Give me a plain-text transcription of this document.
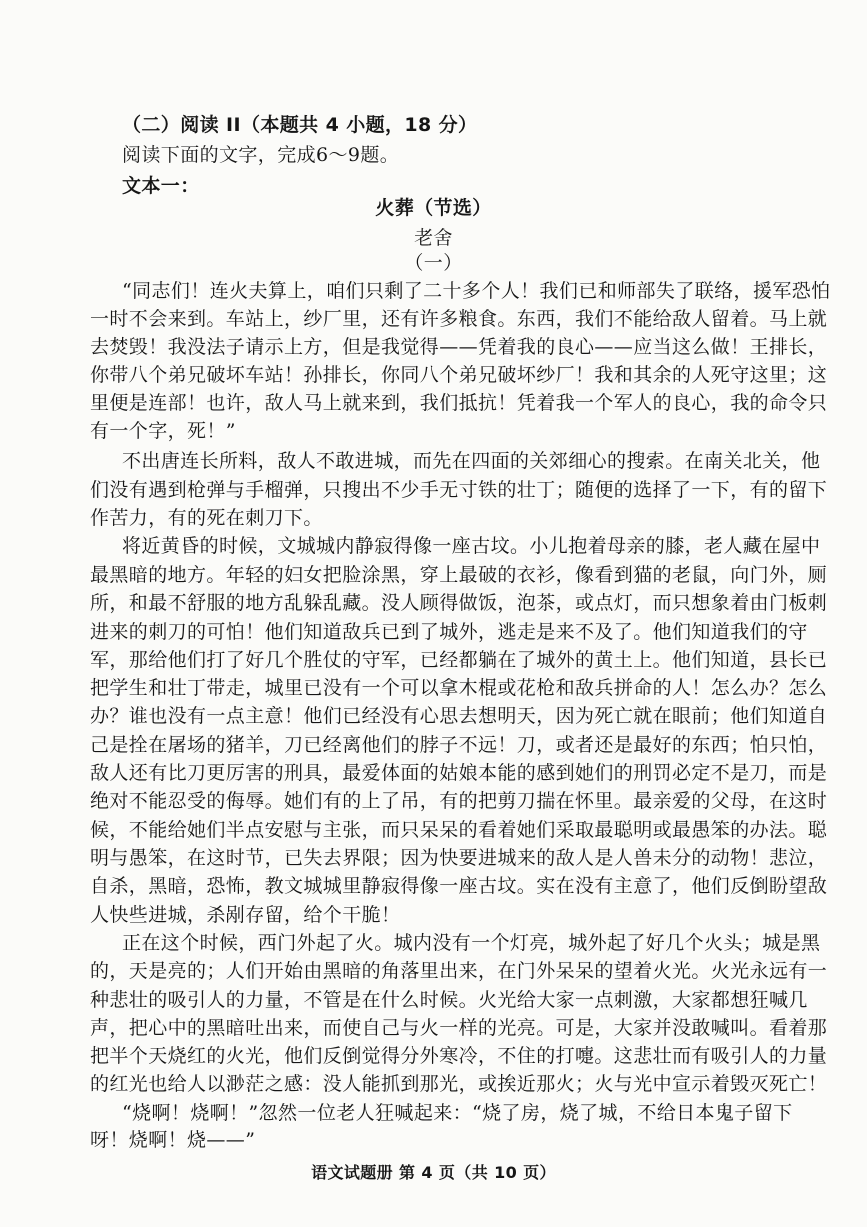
（二）阅读 II（本题共 4 小题，18 分）
阅读下面的文字，完成6～9题。
文本一：
火葬（节选）
老舍
（一）
“同志们！连火夫算上，咱们只剩了二十多个人！我们已和师部失了联络，援军恐怕
一时不会来到。车站上，纱厂里，还有许多粮食。东西，我们不能给敌人留着。马上就
去焚毁！我没法子请示上方，但是我觉得——凭着我的良心——应当这么做！王排长，
你带八个弟兄破坏车站！孙排长，你同八个弟兄破坏纱厂！我和其余的人死守这里；这
里便是连部！也许，敌人马上就来到，我们抵抗！凭着我一个军人的良心，我的命令只
有一个字，死！”
不出唐连长所料，敌人不敢进城，而先在四面的关郊细心的搜索。在南关北关，他
们没有遇到枪弹与手榴弹，只搜出不少手无寸铁的壮丁；随便的选择了一下，有的留下
作苦力，有的死在刺刀下。
将近黄昏的时候，文城城内静寂得像一座古坟。小儿抱着母亲的膝，老人藏在屋中
最黑暗的地方。年轻的妇女把脸涂黑，穿上最破的衣衫，像看到猫的老鼠，向门外，厕
所，和最不舒服的地方乱躲乱藏。没人顾得做饭，泡茶，或点灯，而只想象着由门板刺
进来的刺刀的可怕！他们知道敌兵已到了城外，逃走是来不及了。他们知道我们的守
军，那给他们打了好几个胜仗的守军，已经都躺在了城外的黄土上。他们知道，县长已
把学生和壮丁带走，城里已没有一个可以拿木棍或花枪和敌兵拼命的人！怎么办？怎么
办？谁也没有一点主意！他们已经没有心思去想明天，因为死亡就在眼前；他们知道自
己是拴在屠场的猪羊，刀已经离他们的脖子不远！刀，或者还是最好的东西；怕只怕，
敌人还有比刀更厉害的刑具，最爱体面的姑娘本能的感到她们的刑罚必定不是刀，而是
绝对不能忍受的侮辱。她们有的上了吊，有的把剪刀揣在怀里。最亲爱的父母，在这时
候，不能给她们半点安慰与主张，而只呆呆的看着她们采取最聪明或最愚笨的办法。聪
明与愚笨，在这时节，已失去界限；因为快要进城来的敌人是人兽未分的动物！悲泣，
自杀，黑暗，恐怖，教文城城里静寂得像一座古坟。实在没有主意了，他们反倒盼望敌
人快些进城，杀剐存留，给个干脆！
正在这个时候，西门外起了火。城内没有一个灯亮，城外起了好几个火头；城是黑
的，天是亮的；人们开始由黑暗的角落里出来，在门外呆呆的望着火光。火光永远有一
种悲壮的吸引人的力量，不管是在什么时候。火光给大家一点刺激，大家都想狂喊几
声，把心中的黑暗吐出来，而使自己与火一样的光亮。可是，大家并没敢喊叫。看着那
把半个天烧红的火光，他们反倒觉得分外寒冷，不住的打嚏。这悲壮而有吸引人的力量
的红光也给人以渺茫之感：没人能抓到那光，或挨近那火；火与光中宣示着毁灭死亡！
“烧啊！烧啊！”忽然一位老人狂喊起来：“烧了房，烧了城，不给日本鬼子留下
呀！烧啊！烧——”
语文试题册 第 4 页（共 10 页）
